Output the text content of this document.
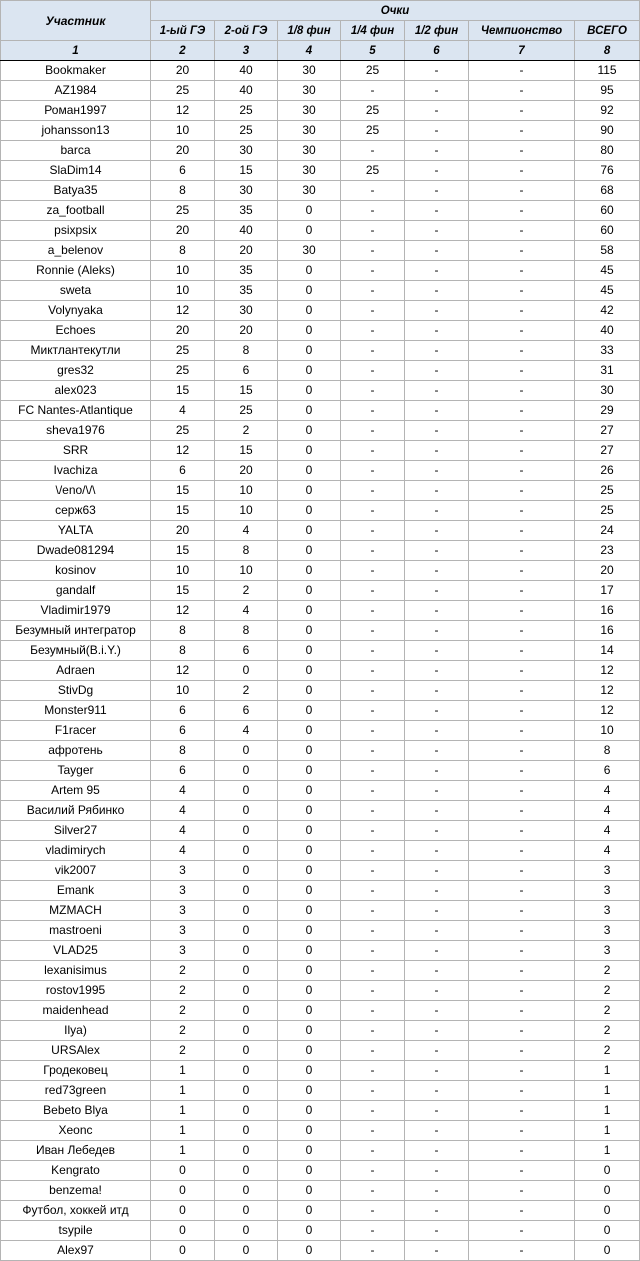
Участник	Очки						
	1-ый ГЭ	2-ой ГЭ	1/8 фин	1/4 фин	1/2 фин	Чемпионство	ВСЕГО
1	2	3	4	5	6	7	8
Bookmaker	20	40	30	25	-	-	115
AZ1984	25	40	30	-	-	-	95
Роман1997	12	25	30	25	-	-	92
johansson13	10	25	30	25	-	-	90
barca	20	30	30	-	-	-	80
SlaDim14	6	15	30	25	-	-	76
Batya35	8	30	30	-	-	-	68
za_football	25	35	0	-	-	-	60
psixpsix	20	40	0	-	-	-	60
a_belenov	8	20	30	-	-	-	58
Ronnie (Aleks)	10	35	0	-	-	-	45
sweta	10	35	0	-	-	-	45
Volynyaka	12	30	0	-	-	-	42
Echoes	20	20	0	-	-	-	40
Миктлантекутли	25	8	0	-	-	-	33
gres32	25	6	0	-	-	-	31
alex023	15	15	0	-	-	-	30
FC Nantes-Atlantique	4	25	0	-	-	-	29
sheva1976	25	2	0	-	-	-	27
SRR	12	15	0	-	-	-	27
Ivachiza	6	20	0	-	-	-	26
\/eno/\/\	15	10	0	-	-	-	25
серж63	15	10	0	-	-	-	25
YALTA	20	4	0	-	-	-	24
Dwade081294	15	8	0	-	-	-	23
kosinov	10	10	0	-	-	-	20
gandalf	15	2	0	-	-	-	17
Vladimir1979	12	4	0	-	-	-	16
Безумный интегратор	8	8	0	-	-	-	16
Безумный(B.i.Y.)	8	6	0	-	-	-	14
Adraen	12	0	0	-	-	-	12
StivDg	10	2	0	-	-	-	12
Monster911	6	6	0	-	-	-	12
F1racer	6	4	0	-	-	-	10
афротень	8	0	0	-	-	-	8
Tayger	6	0	0	-	-	-	6
Artem 95	4	0	0	-	-	-	4
Василий Рябинко	4	0	0	-	-	-	4
Silver27	4	0	0	-	-	-	4
vladimirych	4	0	0	-	-	-	4
vik2007	3	0	0	-	-	-	3
Emank	3	0	0	-	-	-	3
MZMACH	3	0	0	-	-	-	3
mastroeni	3	0	0	-	-	-	3
VLAD25	3	0	0	-	-	-	3
lexanisimus	2	0	0	-	-	-	2
rostov1995	2	0	0	-	-	-	2
maidenhead	2	0	0	-	-	-	2
Ilya)	2	0	0	-	-	-	2
URSAlex	2	0	0	-	-	-	2
Гродековец	1	0	0	-	-	-	1
red73green	1	0	0	-	-	-	1
Bebeto Blya	1	0	0	-	-	-	1
Xeonc	1	0	0	-	-	-	1
Иван Лебедев	1	0	0	-	-	-	1
Kengrato	0	0	0	-	-	-	0
benzema!	0	0	0	-	-	-	0
Футбол, хоккей итд	0	0	0	-	-	-	0
tsypile	0	0	0	-	-	-	0
Alex97	0	0	0	-	-	-	0
